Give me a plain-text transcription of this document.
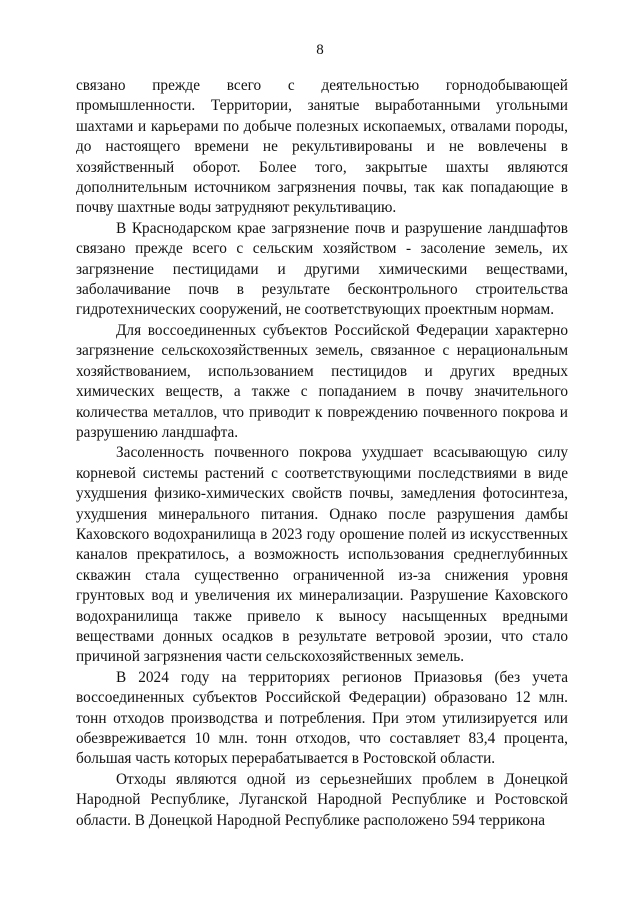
8

связано прежде всего с деятельностью горнодобывающей промышленности. Территории, занятые выработанными угольными шахтами и карьерами по добыче полезных ископаемых, отвалами породы, до настоящего времени не рекультивированы и не вовлечены в хозяйственный оборот. Более того, закрытые шахты являются дополнительным источником загрязнения почвы, так как попадающие в почву шахтные воды затрудняют рекультивацию.

В Краснодарском крае загрязнение почв и разрушение ландшафтов связано прежде всего с сельским хозяйством - засоление земель, их загрязнение пестицидами и другими химическими веществами, заболачивание почв в результате бесконтрольного строительства гидротехнических сооружений, не соответствующих проектным нормам.

Для воссоединенных субъектов Российской Федерации характерно загрязнение сельскохозяйственных земель, связанное с нерациональным хозяйствованием, использованием пестицидов и других вредных химических веществ, а также с попаданием в почву значительного количества металлов, что приводит к повреждению почвенного покрова и разрушению ландшафта.

Засоленность почвенного покрова ухудшает всасывающую силу корневой системы растений с соответствующими последствиями в виде ухудшения физико-химических свойств почвы, замедления фотосинтеза, ухудшения минерального питания. Однако после разрушения дамбы Каховского водохранилища в 2023 году орошение полей из искусственных каналов прекратилось, а возможность использования среднеглубинных скважин стала существенно ограниченной из-за снижения уровня грунтовых вод и увеличения их минерализации. Разрушение Каховского водохранилища также привело к выносу насыщенных вредными веществами донных осадков в результате ветровой эрозии, что стало причиной загрязнения части сельскохозяйственных земель.

В 2024 году на территориях регионов Приазовья (без учета воссоединенных субъектов Российской Федерации) образовано 12 млн. тонн отходов производства и потребления. При этом утилизируется или обезвреживается 10 млн. тонн отходов, что составляет 83,4 процента, большая часть которых перерабатывается в Ростовской области.

Отходы являются одной из серьезнейших проблем в Донецкой Народной Республике, Луганской Народной Республике и Ростовской области. В Донецкой Народной Республике расположено 594 терриконa
